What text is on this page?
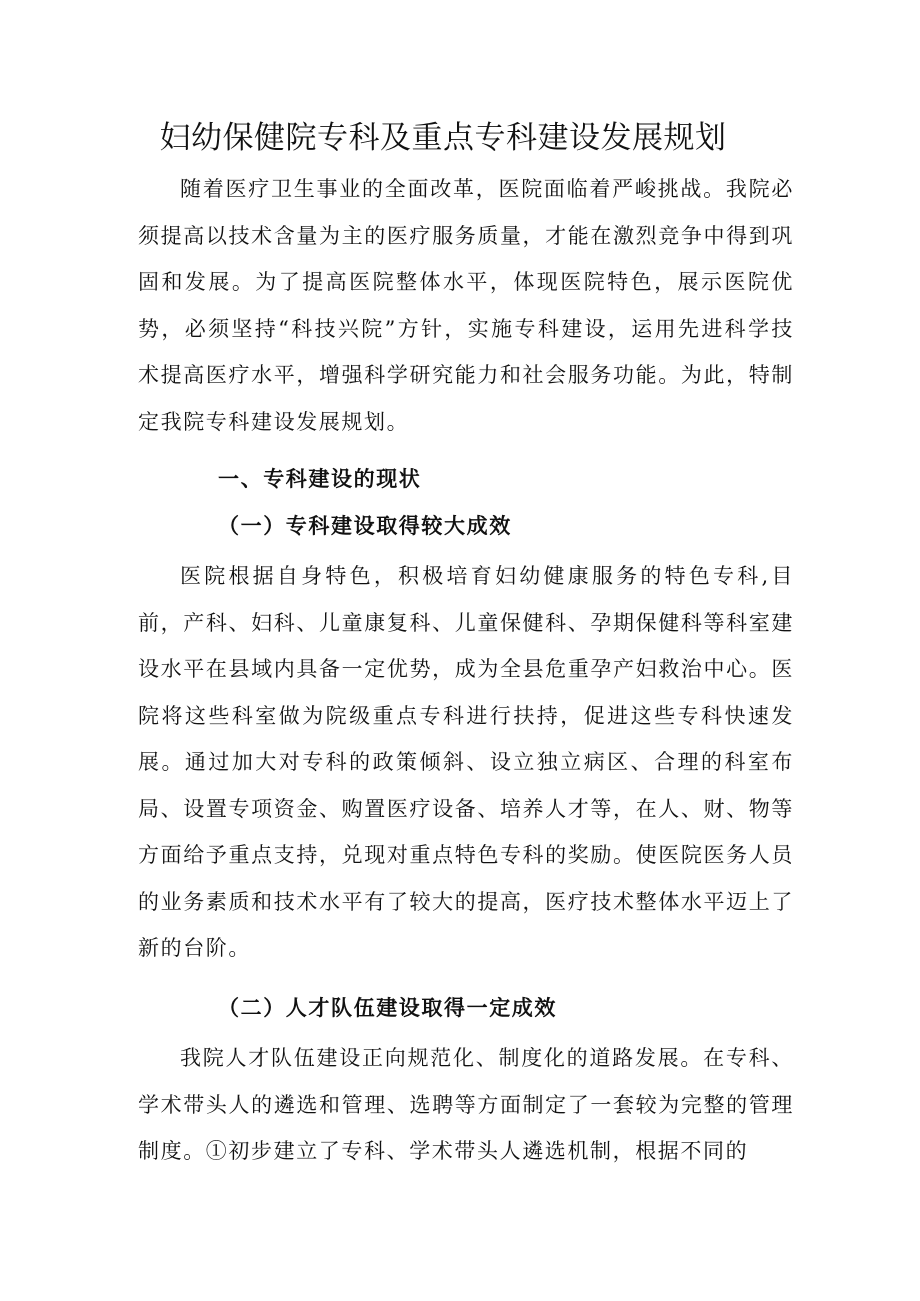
妇幼保健院专科及重点专科建设发展规划

随着医疗卫生事业的全面改革，医院面临着严峻挑战。我院必须提高以技术含量为主的医疗服务质量，才能在激烈竞争中得到巩固和发展。为了提高医院整体水平，体现医院特色，展示医院优势，必须坚持“科技兴院”方针，实施专科建设，运用先进科学技术提高医疗水平，增强科学研究能力和社会服务功能。为此，特制定我院专科建设发展规划。

一、专科建设的现状
（一）专科建设取得较大成效

医院根据自身特色，积极培育妇幼健康服务的特色专科,目前，产科、妇科、儿童康复科、儿童保健科、孕期保健科等科室建设水平在县域内具备一定优势，成为全县危重孕产妇救治中心。医院将这些科室做为院级重点专科进行扶持，促进这些专科快速发展。通过加大对专科的政策倾斜、设立独立病区、合理的科室布局、设置专项资金、购置医疗设备、培养人才等，在人、财、物等方面给予重点支持，兑现对重点特色专科的奖励。使医院医务人员的业务素质和技术水平有了较大的提高，医疗技术整体水平迈上了新的台阶。

（二）人才队伍建设取得一定成效

我院人才队伍建设正向规范化、制度化的道路发展。在专科、学术带头人的遴选和管理、选聘等方面制定了一套较为完整的管理制度。①初步建立了专科、学术带头人遴选机制，根据不同的
